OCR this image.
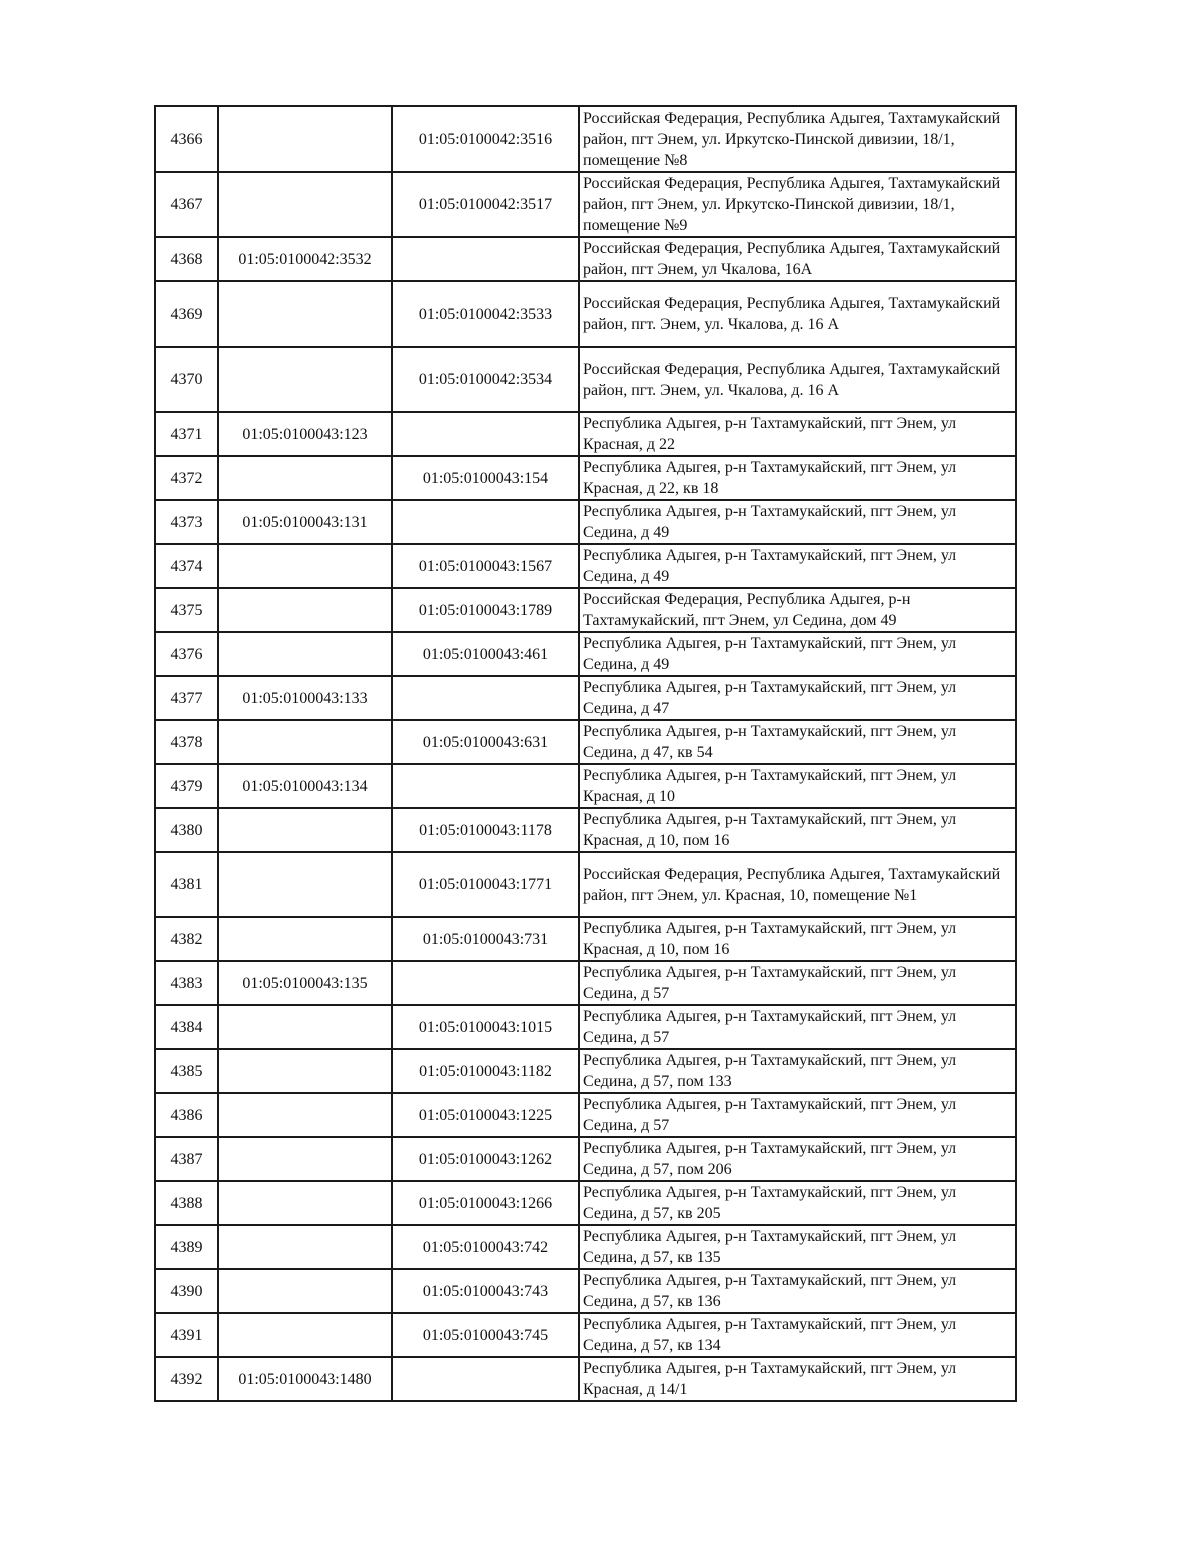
4366		01:05:0100042:3516	Российская Федерация, Республика Адыгея, Тахтамукайский район, пгт Энем, ул. Иркутско-Пинской дивизии, 18/1, помещение №8
4367		01:05:0100042:3517	Российская Федерация, Республика Адыгея, Тахтамукайский район, пгт Энем, ул. Иркутско-Пинской дивизии, 18/1, помещение №9
4368	01:05:0100042:3532		Российская Федерация, Республика Адыгея, Тахтамукайский район, пгт Энем, ул Чкалова, 16А
4369		01:05:0100042:3533	Российская Федерация, Республика Адыгея, Тахтамукайский район, пгт. Энем, ул. Чкалова, д. 16 А
4370		01:05:0100042:3534	Российская Федерация, Республика Адыгея, Тахтамукайский район, пгт. Энем, ул. Чкалова, д. 16 А
4371	01:05:0100043:123		Республика Адыгея, р-н Тахтамукайский, пгт Энем, ул Красная, д 22
4372		01:05:0100043:154	Республика Адыгея, р-н Тахтамукайский, пгт Энем, ул Красная, д 22, кв 18
4373	01:05:0100043:131		Республика Адыгея, р-н Тахтамукайский, пгт Энем, ул Седина, д 49
4374		01:05:0100043:1567	Республика Адыгея, р-н Тахтамукайский, пгт Энем, ул Седина, д 49
4375		01:05:0100043:1789	Российская Федерация, Республика Адыгея, р-н Тахтамукайский, пгт Энем, ул Седина, дом 49
4376		01:05:0100043:461	Республика Адыгея, р-н Тахтамукайский, пгт Энем, ул Седина, д 49
4377	01:05:0100043:133		Республика Адыгея, р-н Тахтамукайский, пгт Энем, ул Седина, д 47
4378		01:05:0100043:631	Республика Адыгея, р-н Тахтамукайский, пгт Энем, ул Седина, д 47, кв 54
4379	01:05:0100043:134		Республика Адыгея, р-н Тахтамукайский, пгт Энем, ул Красная, д 10
4380		01:05:0100043:1178	Республика Адыгея, р-н Тахтамукайский, пгт Энем, ул Красная, д 10, пом 16
4381		01:05:0100043:1771	Российская Федерация, Республика Адыгея, Тахтамукайский район, пгт Энем, ул. Красная, 10, помещение №1
4382		01:05:0100043:731	Республика Адыгея, р-н Тахтамукайский, пгт Энем, ул Красная, д 10, пом 16
4383	01:05:0100043:135		Республика Адыгея, р-н Тахтамукайский, пгт Энем, ул Седина, д 57
4384		01:05:0100043:1015	Республика Адыгея, р-н Тахтамукайский, пгт Энем, ул Седина, д 57
4385		01:05:0100043:1182	Республика Адыгея, р-н Тахтамукайский, пгт Энем, ул Седина, д 57, пом 133
4386		01:05:0100043:1225	Республика Адыгея, р-н Тахтамукайский, пгт Энем, ул Седина, д 57
4387		01:05:0100043:1262	Республика Адыгея, р-н Тахтамукайский, пгт Энем, ул Седина, д 57, пом 206
4388		01:05:0100043:1266	Республика Адыгея, р-н Тахтамукайский, пгт Энем, ул Седина, д 57, кв 205
4389		01:05:0100043:742	Республика Адыгея, р-н Тахтамукайский, пгт Энем, ул Седина, д 57, кв 135
4390		01:05:0100043:743	Республика Адыгея, р-н Тахтамукайский, пгт Энем, ул Седина, д 57, кв 136
4391		01:05:0100043:745	Республика Адыгея, р-н Тахтамукайский, пгт Энем, ул Седина, д 57, кв 134
4392	01:05:0100043:1480		Республика Адыгея, р-н Тахтамукайский, пгт Энем, ул Красная, д 14/1
